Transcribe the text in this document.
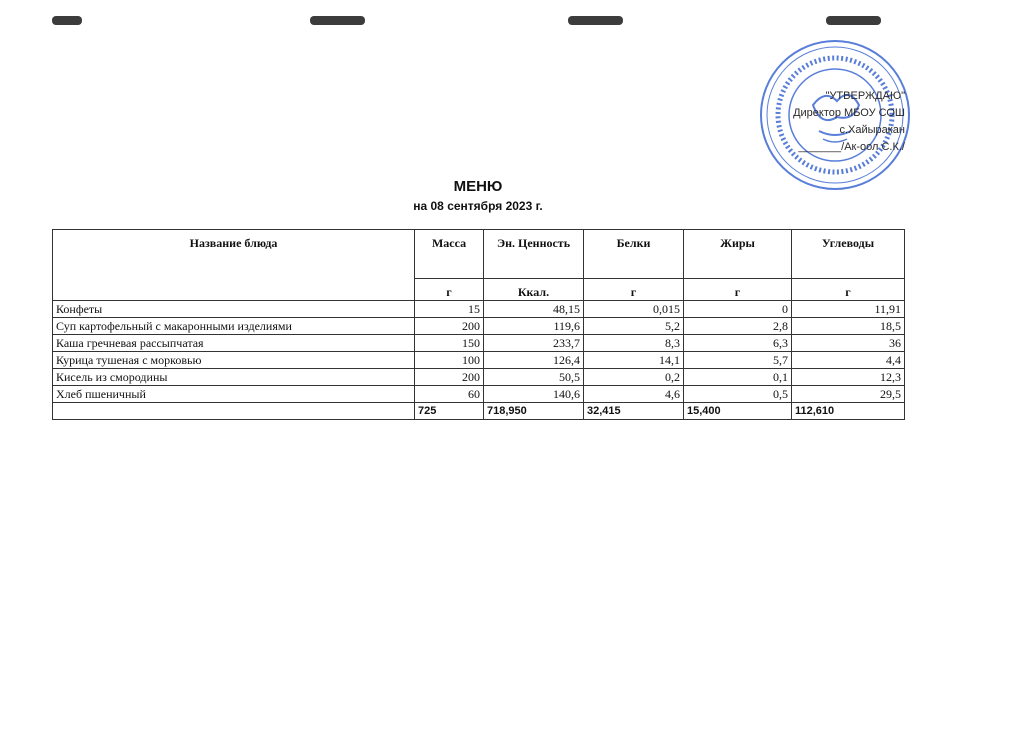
"УТВЕРЖДАЮ"
Директор МБОУ СОШ
с.Хайыракан
_______/Ак-оол С.К./
МЕНЮ
на 08 сентября 2023 г.
Название блюда	Масса	Эн. Ценность	Белки	Жиры	Углеводы
	г	Ккал.	г	г	г
Конфеты	15	48,15	0,015	0	11,91
Суп картофельный с макаронными изделиями	200	119,6	5,2	2,8	18,5
Каша гречневая рассыпчатая	150	233,7	8,3	6,3	36
Курица тушеная с морковью	100	126,4	14,1	5,7	4,4
Кисель из смородины	200	50,5	0,2	0,1	12,3
Хлеб пшеничный	60	140,6	4,6	0,5	29,5
	725	718,950	32,415	15,400	112,610
